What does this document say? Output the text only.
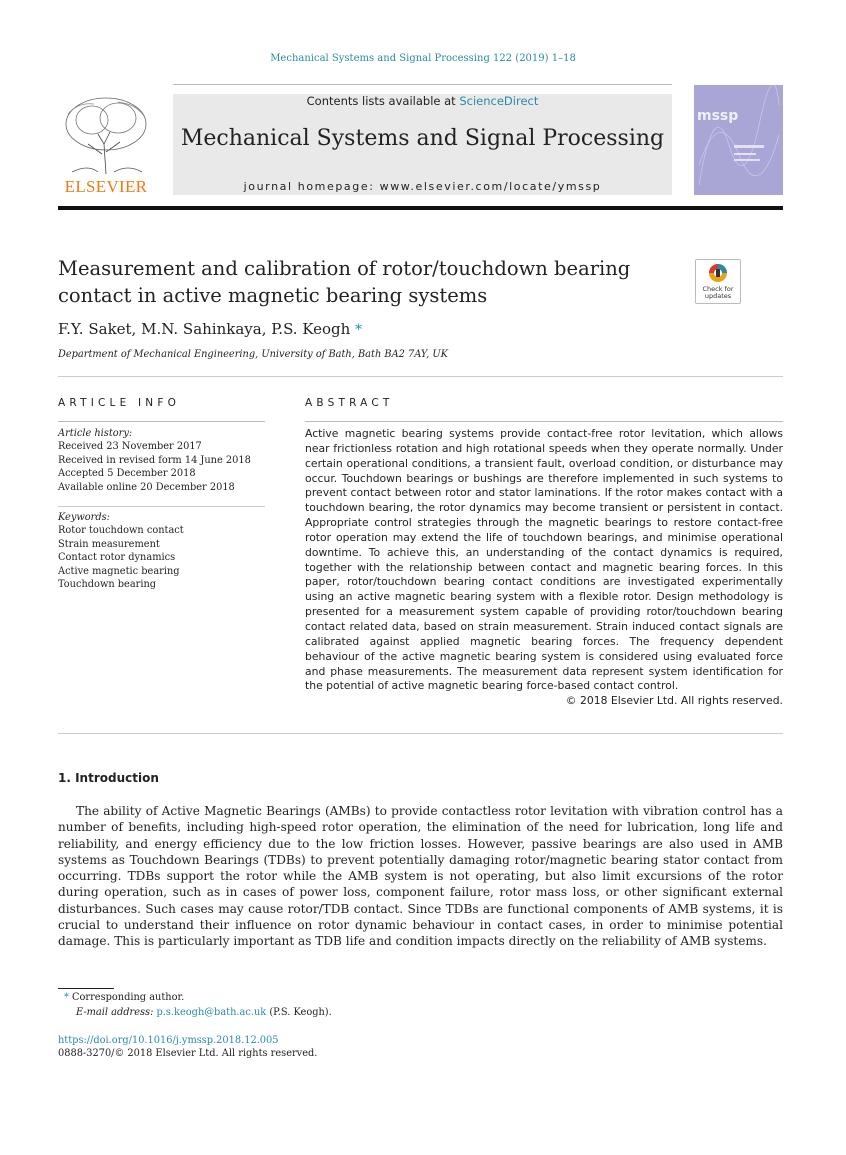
Mechanical Systems and Signal Processing 122 (2019) 1–18
ELSEVIER
Contents lists available at ScienceDirect
Mechanical Systems and Signal Processing
journal homepage: www.elsevier.com/locate/ymssp
mssp
Measurement and calibration of rotor/touchdown bearing contact in active magnetic bearing systems	Check for updates
F.Y. Saket, M.N. Sahinkaya, P.S. Keogh *
Department of Mechanical Engineering, University of Bath, Bath BA2 7AY, UK
ARTICLE INFO
Article history:
Received 23 November 2017
Received in revised form 14 June 2018
Accepted 5 December 2018
Available online 20 December 2018
Keywords:
Rotor touchdown contact
Strain measurement
Contact rotor dynamics
Active magnetic bearing
Touchdown bearing
ABSTRACT
Active magnetic bearing systems provide contact-free rotor levitation, which allows near frictionless rotation and high rotational speeds when they operate normally. Under certain operational conditions, a transient fault, overload condition, or disturbance may occur. Touchdown bearings or bushings are therefore implemented in such systems to prevent contact between rotor and stator laminations. If the rotor makes contact with a touchdown bearing, the rotor dynamics may become transient or persistent in contact. Appropriate control strategies through the magnetic bearings to restore contact-free rotor operation may extend the life of touchdown bearings, and minimise operational downtime. To achieve this, an understanding of the contact dynamics is required, together with the relationship between contact and magnetic bearing forces. In this paper, rotor/touchdown bearing contact conditions are investigated experimentally using an active magnetic bearing system with a flexible rotor. Design methodology is presented for a measurement system capable of providing rotor/touchdown bearing contact related data, based on strain measurement. Strain induced contact signals are calibrated against applied magnetic bearing forces. The frequency dependent behaviour of the active magnetic bearing system is considered using evaluated force and phase measurements. The measurement data represent system identification for the potential of active magnetic bearing force-based contact control.
© 2018 Elsevier Ltd. All rights reserved.
1. Introduction
The ability of Active Magnetic Bearings (AMBs) to provide contactless rotor levitation with vibration control has a number of benefits, including high-speed rotor operation, the elimination of the need for lubrication, long life and reliability, and energy efficiency due to the low friction losses. However, passive bearings are also used in AMB systems as Touchdown Bearings (TDBs) to prevent potentially damaging rotor/magnetic bearing stator contact from occurring. TDBs support the rotor while the AMB system is not operating, but also limit excursions of the rotor during operation, such as in cases of power loss, component failure, rotor mass loss, or other significant external disturbances. Such cases may cause rotor/TDB contact. Since TDBs are functional components of AMB systems, it is crucial to understand their influence on rotor dynamic behaviour in contact cases, in order to minimise potential damage. This is particularly important as TDB life and condition impacts directly on the reliability of AMB systems.
* Corresponding author.
E-mail address: p.s.keogh@bath.ac.uk (P.S. Keogh).
https://doi.org/10.1016/j.ymssp.2018.12.005
0888-3270/© 2018 Elsevier Ltd. All rights reserved.
